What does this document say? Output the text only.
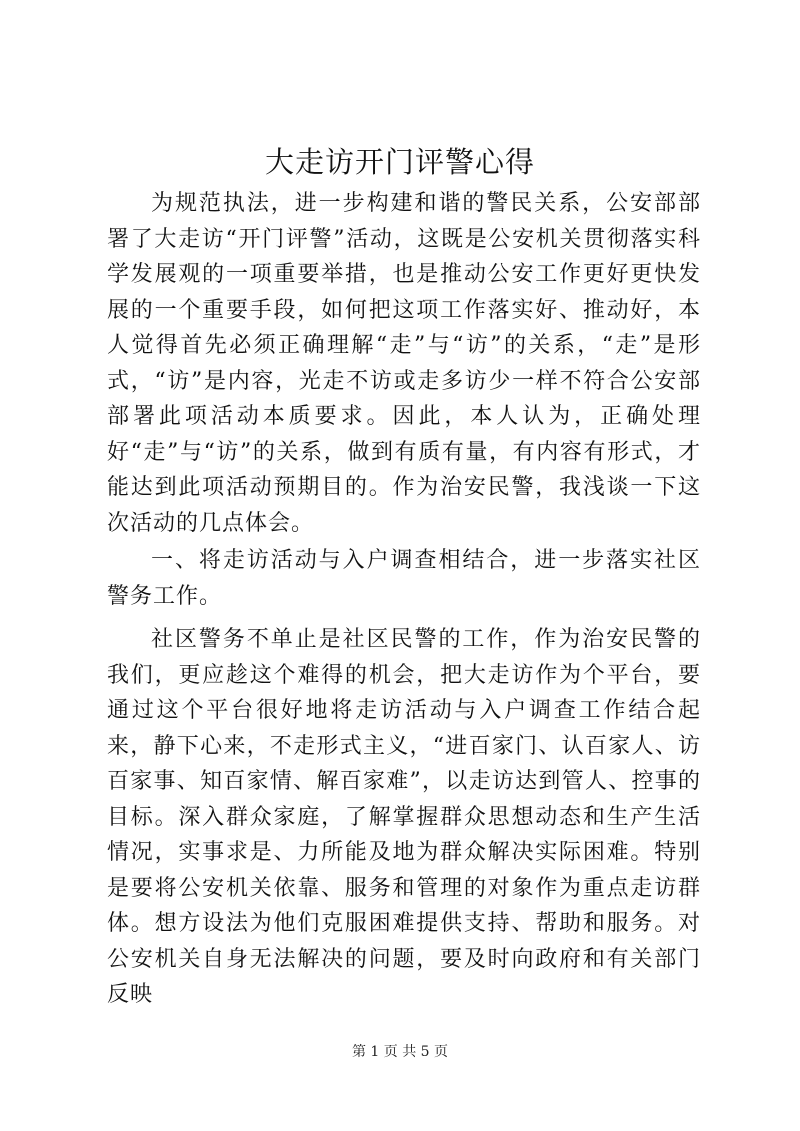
大走访开门评警心得

为规范执法，进一步构建和谐的警民关系，公安部部署了大走访“开门评警”活动，这既是公安机关贯彻落实科学发展观的一项重要举措，也是推动公安工作更好更快发展的一个重要手段，如何把这项工作落实好、推动好，本人觉得首先必须正确理解“走”与“访”的关系，“走”是形式，“访”是内容，光走不访或走多访少一样不符合公安部部署此项活动本质要求。因此，本人认为，正确处理好“走”与“访”的关系，做到有质有量，有内容有形式，才能达到此项活动预期目的。作为治安民警，我浅谈一下这次活动的几点体会。

一、将走访活动与入户调查相结合，进一步落实社区警务工作。

社区警务不单止是社区民警的工作，作为治安民警的我们，更应趁这个难得的机会，把大走访作为个平台，要通过这个平台很好地将走访活动与入户调查工作结合起来，静下心来，不走形式主义，“进百家门、认百家人、访百家事、知百家情、解百家难”，以走访达到管人、控事的目标。深入群众家庭，了解掌握群众思想动态和生产生活情况，实事求是、力所能及地为群众解决实际困难。特别是要将公安机关依靠、服务和管理的对象作为重点走访群体。想方设法为他们克服困难提供支持、帮助和服务。对公安机关自身无法解决的问题，要及时向政府和有关部门反映

第 1 页 共 5 页
